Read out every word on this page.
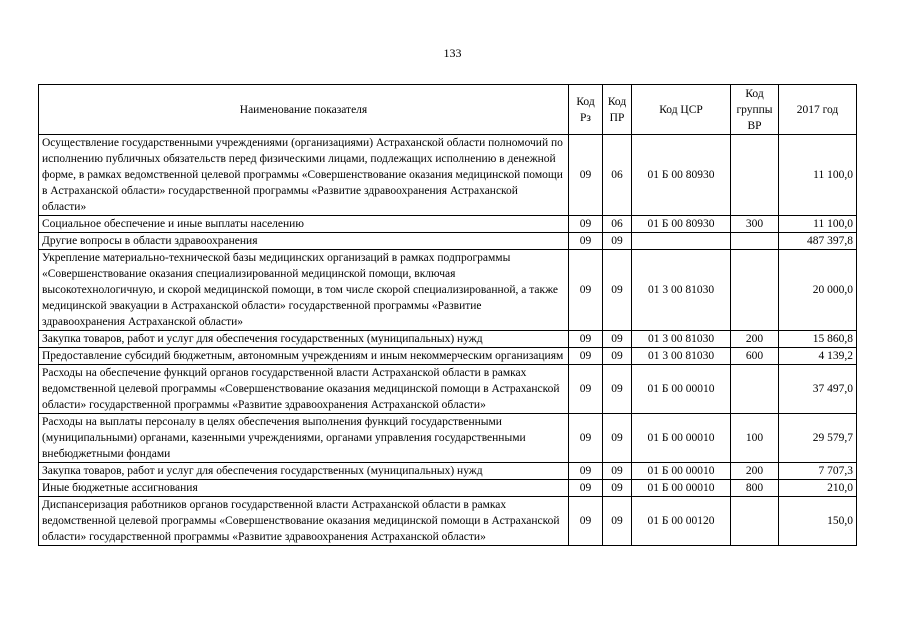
133
Наименование показателя	Код Рз	Код ПР	Код ЦСР	Код группы ВР	2017 год
Осуществление государственными учреждениями (организациями) Астраханской области полномочий по исполнению публичных обязательств перед физическими лицами, подлежащих исполнению в денежной форме, в рамках ведомственной целевой программы «Совершенствование оказания медицинской помощи в Астраханской области» государственной программы «Развитие здравоохранения Астраханской области»	09	06	01 Б 00 80930		11 100,0
Социальное обеспечение и иные выплаты населению	09	06	01 Б 00 80930	300	11 100,0
Другие вопросы в области здравоохранения	09	09			487 397,8
Укрепление материально-технической базы медицинских организаций в рамках подпрограммы «Совершенствование оказания специализированной медицинской помощи, включая высокотехнологичную, и скорой медицинской помощи, в том числе скорой специализированной, а также медицинской эвакуации в Астраханской области» государственной программы «Развитие здравоохранения Астраханской области»	09	09	01 3 00 81030		20 000,0
Закупка товаров, работ и услуг для обеспечения государственных (муниципальных) нужд	09	09	01 3 00 81030	200	15 860,8
Предоставление субсидий бюджетным, автономным учреждениям и иным некоммерческим организациям	09	09	01 3 00 81030	600	4 139,2
Расходы на обеспечение функций органов государственной власти Астраханской области в рамках ведомственной целевой программы «Совершенствование оказания медицинской помощи в Астраханской области» государственной программы «Развитие здравоохранения Астраханской области»	09	09	01 Б 00 00010		37 497,0
Расходы на выплаты персоналу в целях обеспечения выполнения функций государственными (муниципальными) органами, казенными учреждениями, органами управления государственными внебюджетными фондами	09	09	01 Б 00 00010	100	29 579,7
Закупка товаров, работ и услуг для обеспечения государственных (муниципальных) нужд	09	09	01 Б 00 00010	200	7 707,3
Иные бюджетные ассигнования	09	09	01 Б 00 00010	800	210,0
Диспансеризация работников органов государственной власти Астраханской области в рамках ведомственной целевой программы «Совершенствование оказания медицинской помощи в Астраханской области» государственной программы «Развитие здравоохранения Астраханской области»	09	09	01 Б 00 00120		150,0
